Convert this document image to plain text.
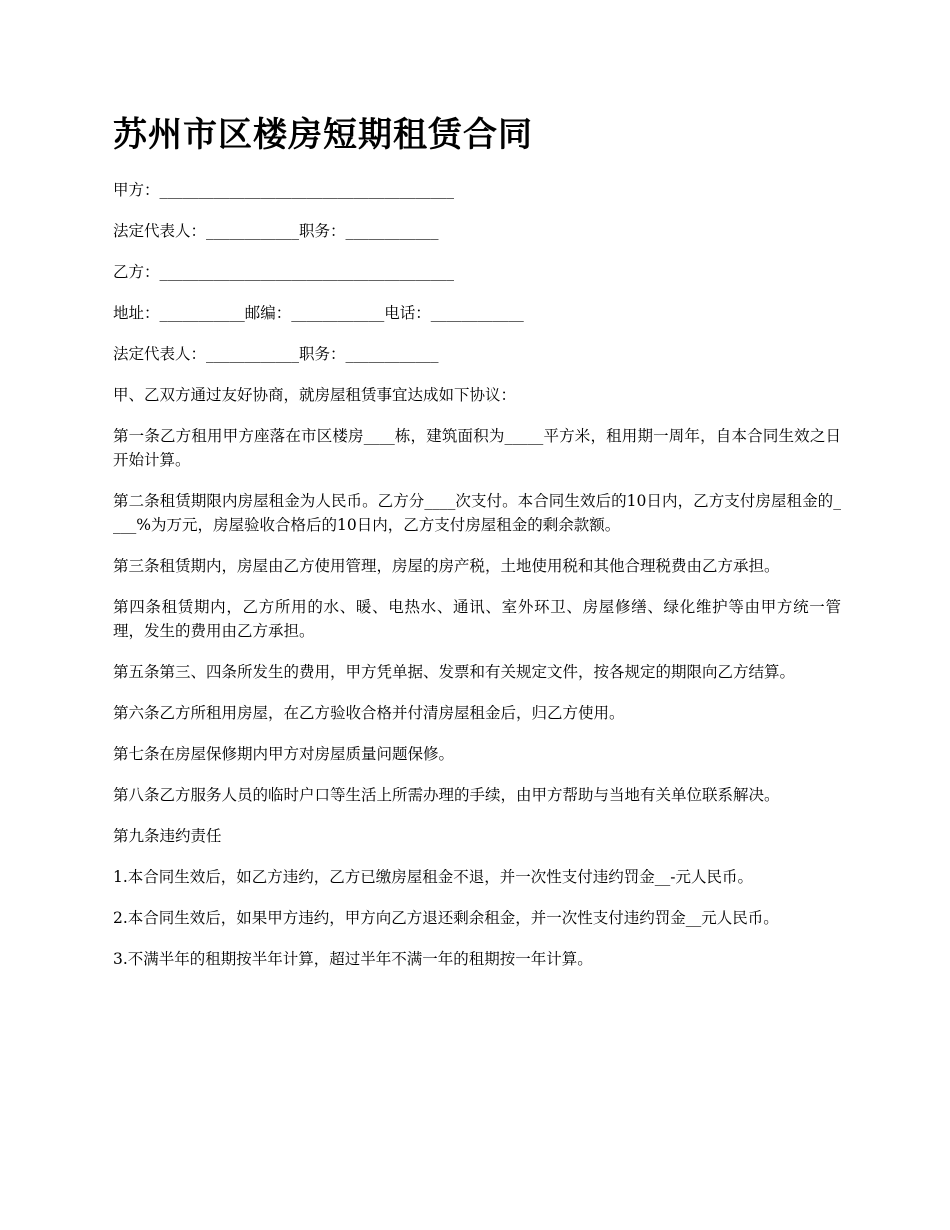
苏州市区楼房短期租赁合同

甲方：______________________________________

法定代表人：____________职务：____________

乙方：______________________________________

地址：___________邮编：____________电话：____________

法定代表人：____________职务：____________

甲、乙双方通过友好协商，就房屋租赁事宜达成如下协议：

第一条乙方租用甲方座落在市区楼房____栋，建筑面积为_____平方米，租用期一周年，自本合同生效之日开始计算。

第二条租赁期限内房屋租金为人民币。乙方分____次支付。本合同生效后的10日内，乙方支付房屋租金的____%为万元，房屋验收合格后的10日内，乙方支付房屋租金的剩余款额。

第三条租赁期内，房屋由乙方使用管理，房屋的房产税，土地使用税和其他合理税费由乙方承担。

第四条租赁期内，乙方所用的水、暖、电热水、通讯、室外环卫、房屋修缮、绿化维护等由甲方统一管理，发生的费用由乙方承担。

第五条第三、四条所发生的费用，甲方凭单据、发票和有关规定文件，按各规定的期限向乙方结算。

第六条乙方所租用房屋，在乙方验收合格并付清房屋租金后，归乙方使用。

第七条在房屋保修期内甲方对房屋质量问题保修。

第八条乙方服务人员的临时户口等生活上所需办理的手续，由甲方帮助与当地有关单位联系解决。

第九条违约责任

1.本合同生效后，如乙方违约，乙方已缴房屋租金不退，并一次性支付违约罚金__-元人民币。

2.本合同生效后，如果甲方违约，甲方向乙方退还剩余租金，并一次性支付违约罚金__元人民币。

3.不满半年的租期按半年计算，超过半年不满一年的租期按一年计算。
